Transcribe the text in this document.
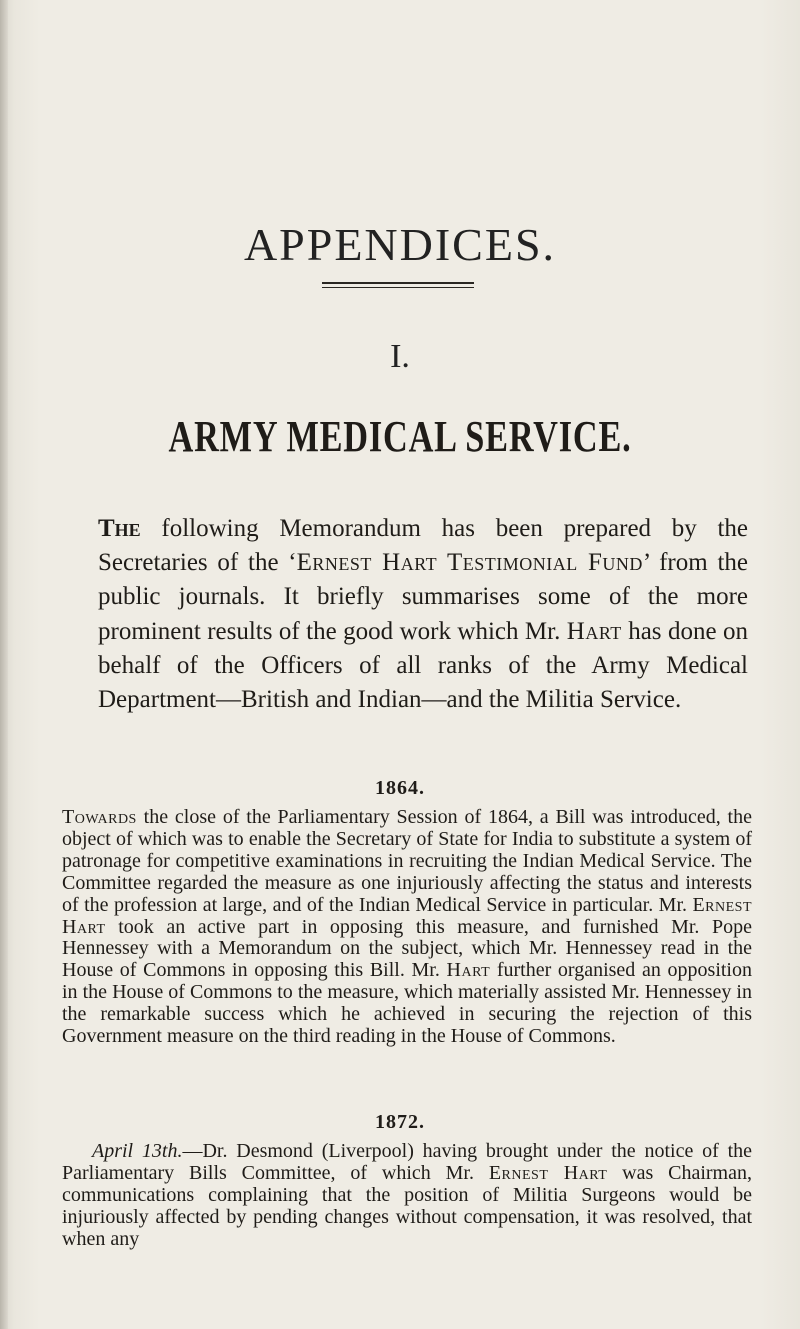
APPENDICES.
I.
ARMY MEDICAL SERVICE.

The following Memorandum has been prepared by the Secretaries of the ‘Ernest Hart Testimonial Fund’ from the public journals. It briefly summarises some of the more prominent results of the good work which Mr. Hart has done on behalf of the Officers of all ranks of the Army Medical Department—British and Indian—and the Militia Service.

1864.

Towards the close of the Parliamentary Session of 1864, a Bill was introduced, the object of which was to enable the Secretary of State for India to substitute a system of patronage for competitive examinations in recruiting the Indian Medical Service. The Committee regarded the measure as one injuriously affecting the status and interests of the profession at large, and of the Indian Medical Service in particular. Mr. Ernest Hart took an active part in opposing this measure, and furnished Mr. Pope Hennessey with a Memorandum on the subject, which Mr. Hennessey read in the House of Commons in opposing this Bill. Mr. Hart further organised an opposition in the House of Commons to the measure, which materially assisted Mr. Hennessey in the remarkable success which he achieved in securing the rejection of this Government measure on the third reading in the House of Commons.

1872.

April 13th.—Dr. Desmond (Liverpool) having brought under the notice of the Parliamentary Bills Committee, of which Mr. Ernest Hart was Chairman, communications complaining that the position of Militia Surgeons would be injuriously affected by pending changes without compensation, it was resolved, that when any
